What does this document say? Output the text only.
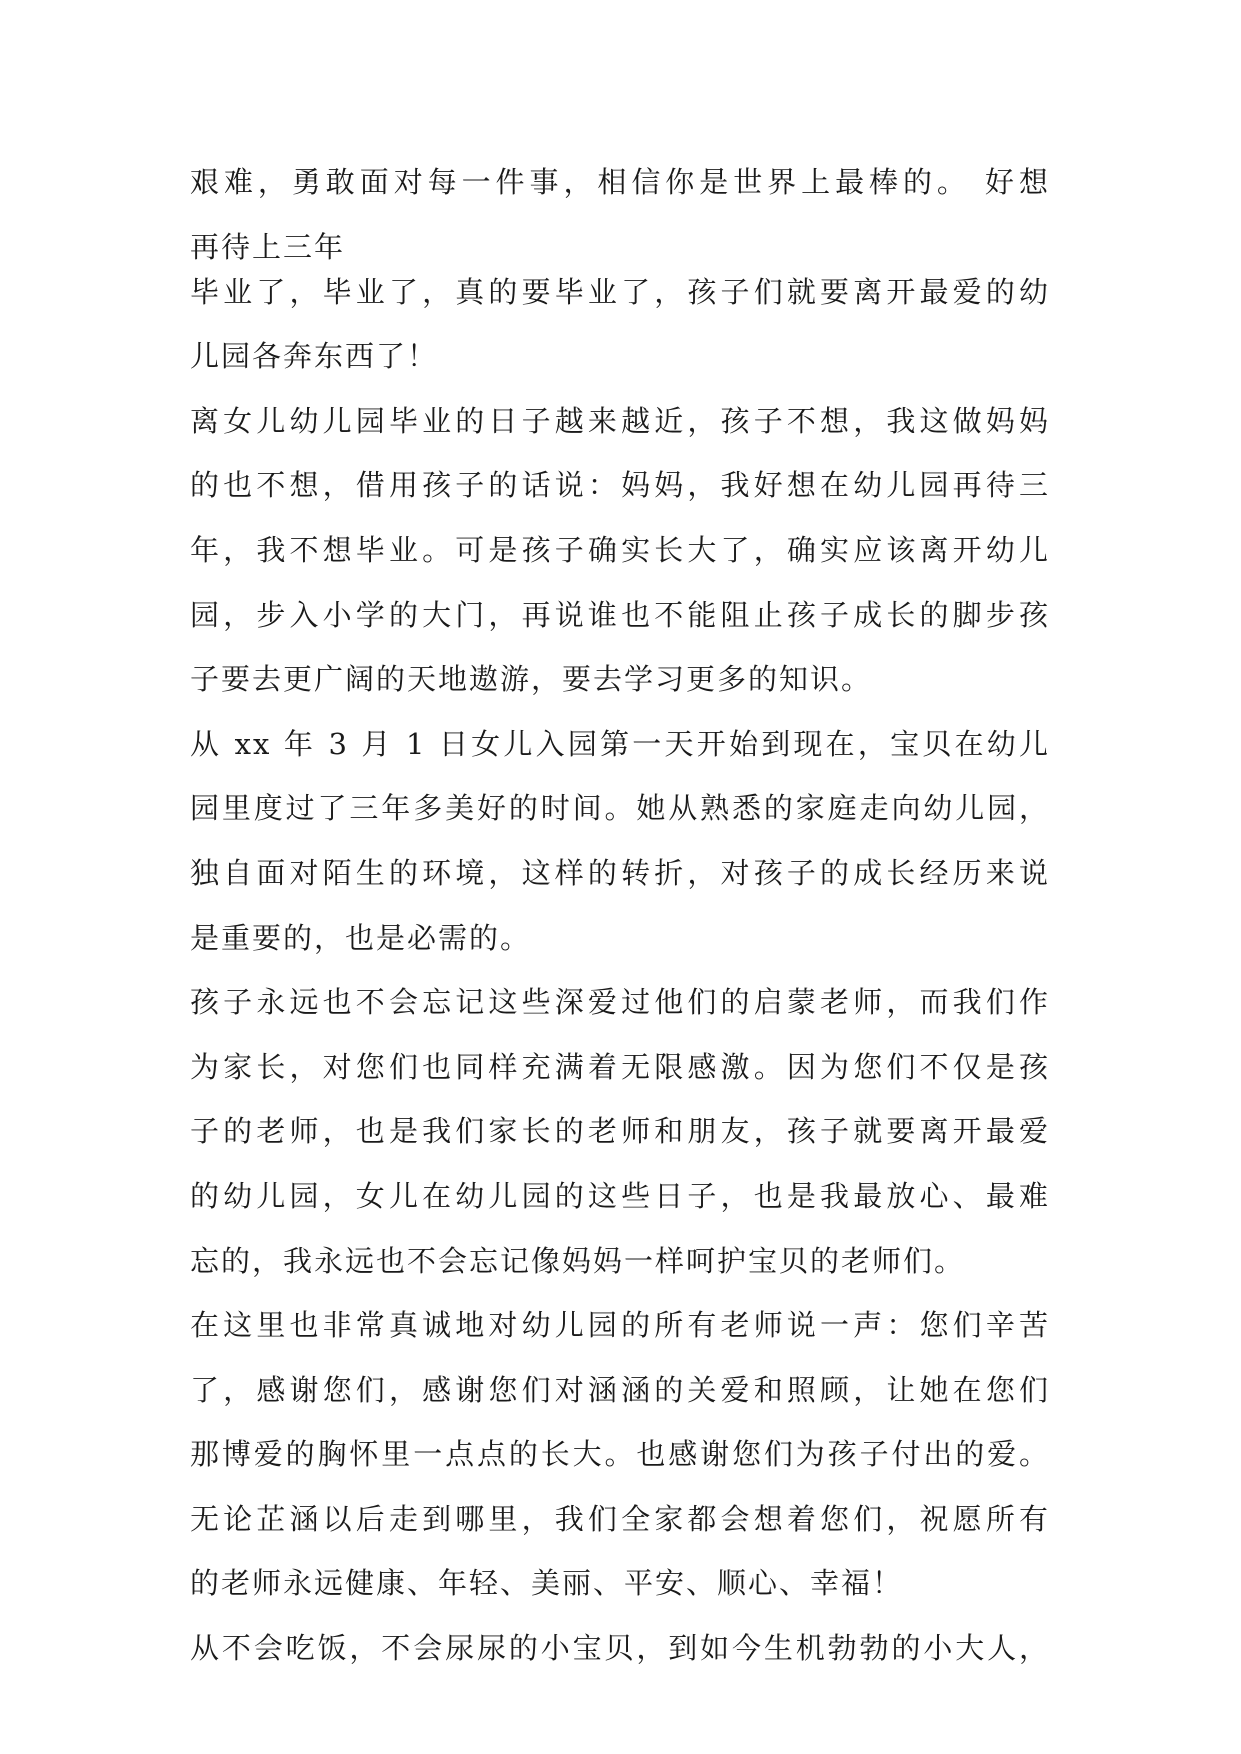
艰难，勇敢面对每一件事，相信你是世界上最棒的。 好想
再待上三年
毕业了，毕业了，真的要毕业了，孩子们就要离开最爱的幼
儿园各奔东西了！
离女儿幼儿园毕业的日子越来越近，孩子不想，我这做妈妈
的也不想，借用孩子的话说：妈妈，我好想在幼儿园再待三
年，我不想毕业。可是孩子确实长大了，确实应该离开幼儿
园，步入小学的大门，再说谁也不能阻止孩子成长的脚步孩
子要去更广阔的天地遨游，要去学习更多的知识。
从 xx 年 3 月 1 日女儿入园第一天开始到现在，宝贝在幼儿
园里度过了三年多美好的时间。她从熟悉的家庭走向幼儿园，
独自面对陌生的环境，这样的转折，对孩子的成长经历来说
是重要的，也是必需的。
孩子永远也不会忘记这些深爱过他们的启蒙老师，而我们作
为家长，对您们也同样充满着无限感激。因为您们不仅是孩
子的老师，也是我们家长的老师和朋友，孩子就要离开最爱
的幼儿园，女儿在幼儿园的这些日子，也是我最放心、最难
忘的，我永远也不会忘记像妈妈一样呵护宝贝的老师们。
在这里也非常真诚地对幼儿园的所有老师说一声：您们辛苦
了，感谢您们，感谢您们对涵涵的关爱和照顾，让她在您们
那博爱的胸怀里一点点的长大。也感谢您们为孩子付出的爱。
无论芷涵以后走到哪里，我们全家都会想着您们，祝愿所有
的老师永远健康、年轻、美丽、平安、顺心、幸福！
从不会吃饭，不会尿尿的小宝贝，到如今生机勃勃的小大人，
